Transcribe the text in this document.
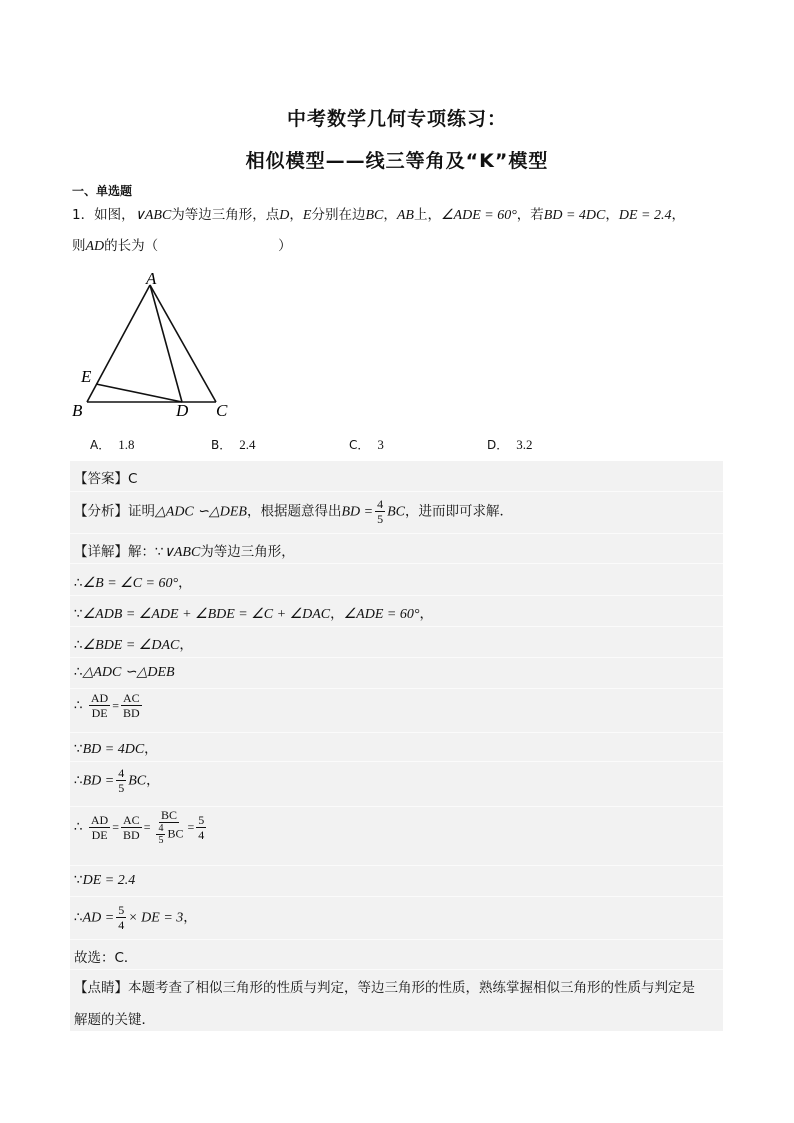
中考数学几何专项练习：
相似模型——线三等角及“K”模型
一、单选题
1．如图，∨ABC为等边三角形，点D，E分别在边BC，AB上，∠ADE = 60°，若BD = 4DC，DE = 2.4，
则AD的长为（	）
A
B	C
D
E
A． 1.8	B． 2.4	C． 3	D． 3.2
【答案】C
【分析】证明△ADC ∽△DEB，根据题意得出BD = $\frac{4}{5}$ BC，进而即可求解．
【详解】解：∵∨ABC为等边三角形，
∴∠B = ∠C = 60°，
∵∠ADB = ∠ADE + ∠BDE = ∠C + ∠DAC，∠ADE = 60°，
∴∠BDE = ∠DAC，
∴△ADC ∽△DEB
∴ $\frac{AD}{DE} = \frac{AC}{BD}$
∵BD = 4DC，
∴BD = $\frac{4}{5}$ BC，
∴ $\frac{AD}{DE} = \frac{AC}{BD} = \frac{BC}{\frac{4}{5} BC} = \frac{5}{4}$
∵DE = 2.4
∴AD = $\frac{5}{4}$ × DE = 3，
故选：C．
【点睛】本题考查了相似三角形的性质与判定，等边三角形的性质，熟练掌握相似三角形的性质与判定是
解题的关键．
